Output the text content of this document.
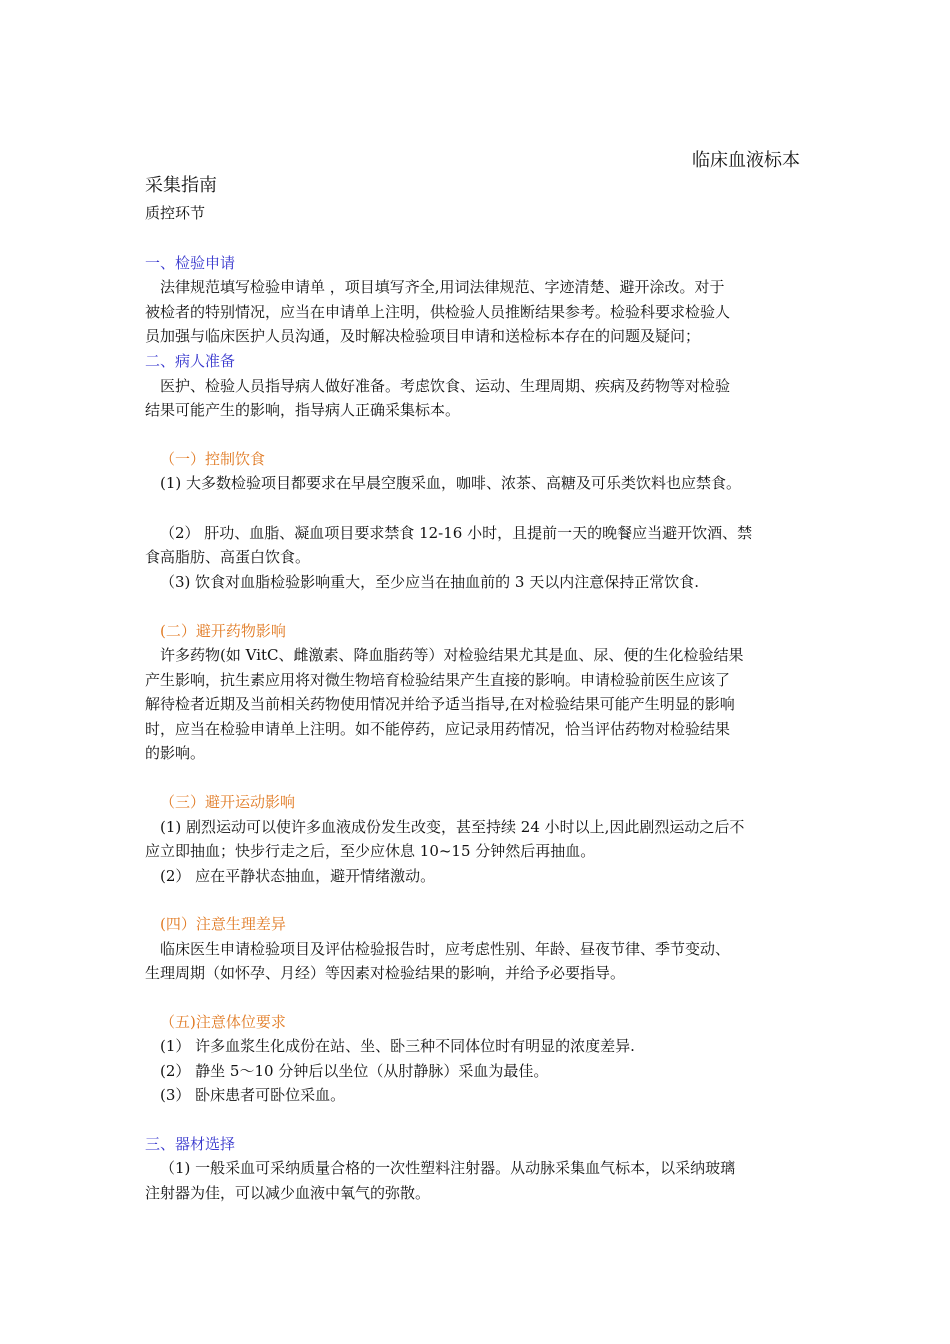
临床血液标本
采集指南
质控环节
一、检验申请
法律规范填写检验申请单 ，项目填写齐全,用词法律规范、字迹清楚、避开涂改。对于
被检者的特别情况，应当在申请单上注明，供检验人员推断结果参考。检验科要求检验人
员加强与临床医护人员沟通，及时解决检验项目申请和送检标本存在的问题及疑问；
二、病人准备
医护、检验人员指导病人做好准备。考虑饮食、运动、生理周期、疾病及药物等对检验
结果可能产生的影响，指导病人正确采集标本。
（一）控制饮食
(1) 大多数检验项目都要求在早晨空腹采血，咖啡、浓茶、高糖及可乐类饮料也应禁食。
（2） 肝功、血脂、凝血项目要求禁食 12-16 小时，且提前一天的晚餐应当避开饮酒、禁
食高脂肪、高蛋白饮食。
（3) 饮食对血脂检验影响重大，至少应当在抽血前的 3 天以内注意保持正常饮食.
(二）避开药物影响
许多药物(如 VitC、雌激素、降血脂药等）对检验结果尤其是血、尿、便的生化检验结果
产生影响，抗生素应用将对微生物培育检验结果产生直接的影响。申请检验前医生应该了
解待检者近期及当前相关药物使用情况并给予适当指导,在对检验结果可能产生明显的影响
时，应当在检验申请单上注明。如不能停药，应记录用药情况，恰当评估药物对检验结果
的影响。
（三）避开运动影响
(1) 剧烈运动可以使许多血液成份发生改变，甚至持续 24 小时以上,因此剧烈运动之后不
应立即抽血；快步行走之后，至少应休息 10~15 分钟然后再抽血。
(2） 应在平静状态抽血，避开情绪激动。
(四）注意生理差异
临床医生申请检验项目及评估检验报告时，应考虑性别、年龄、昼夜节律、季节变动、
生理周期（如怀孕、月经）等因素对检验结果的影响，并给予必要指导。
（五)注意体位要求
(1） 许多血浆生化成份在站、坐、卧三种不同体位时有明显的浓度差异.
(2） 静坐 5～10 分钟后以坐位（从肘静脉）采血为最佳。
(3） 卧床患者可卧位采血。
三、器材选择
（1) 一般采血可采纳质量合格的一次性塑料注射器。从动脉采集血气标本，以采纳玻璃
注射器为佳，可以减少血液中氧气的弥散。
